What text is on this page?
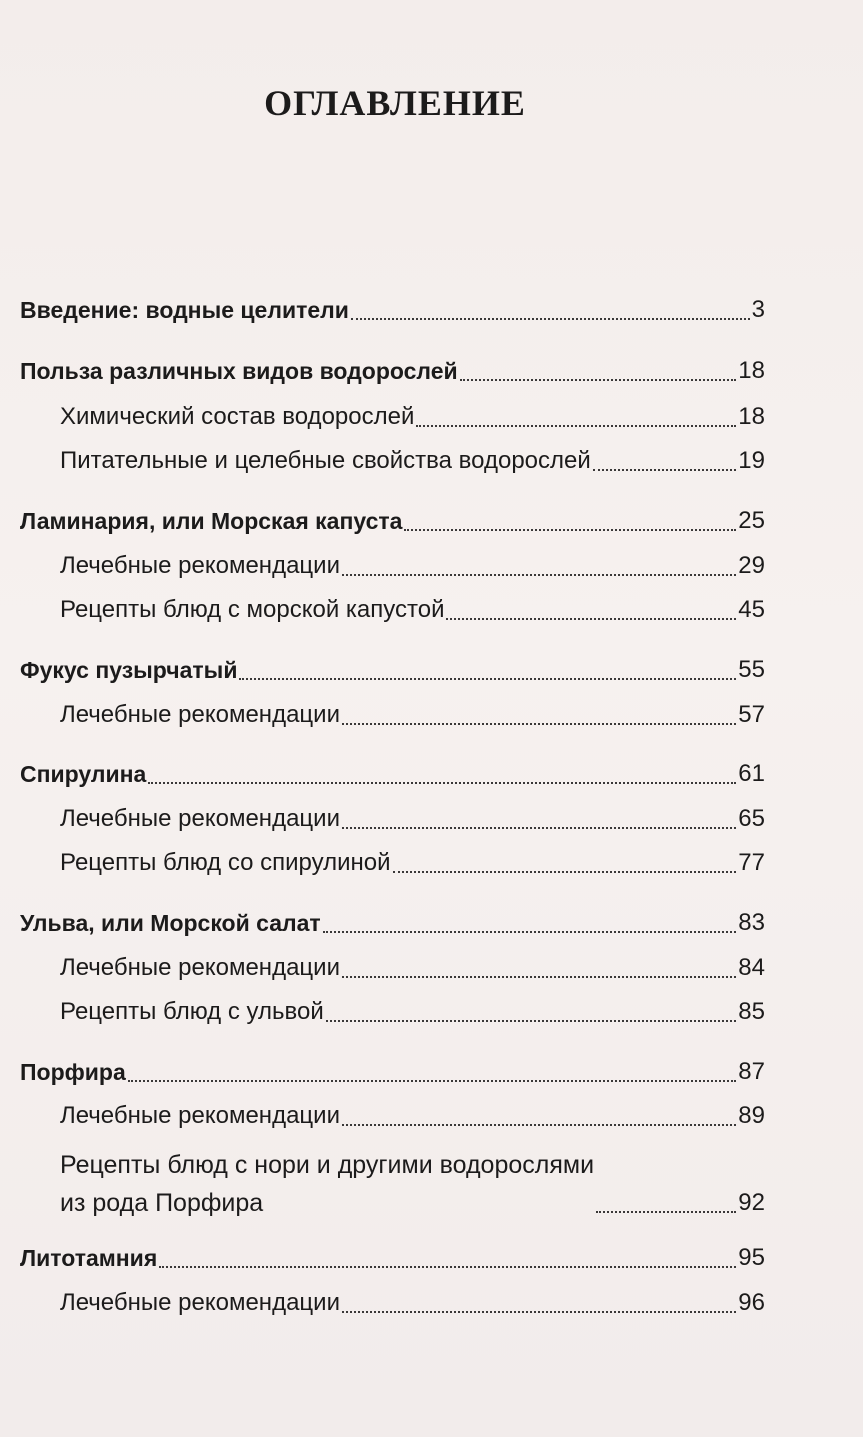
ОГЛАВЛЕНИЕ
Введение: водные целители	3
Польза различных видов водорослей	18
Химический состав водорослей	18
Питательные и целебные свойства водорослей	19
Ламинария, или Морская капуста	25
Лечебные рекомендации	29
Рецепты блюд с морской капустой	45
Фукус пузырчатый	55
Лечебные рекомендации	57
Спирулина	61
Лечебные рекомендации	65
Рецепты блюд со спирулиной	77
Ульва, или Морской салат	83
Лечебные рекомендации	84
Рецепты блюд с ульвой	85
Порфира	87
Лечебные рекомендации	89
Рецепты блюд с нори и другими водорослями
из рода Порфира	92
Литотамния	95
Лечебные рекомендации	96
